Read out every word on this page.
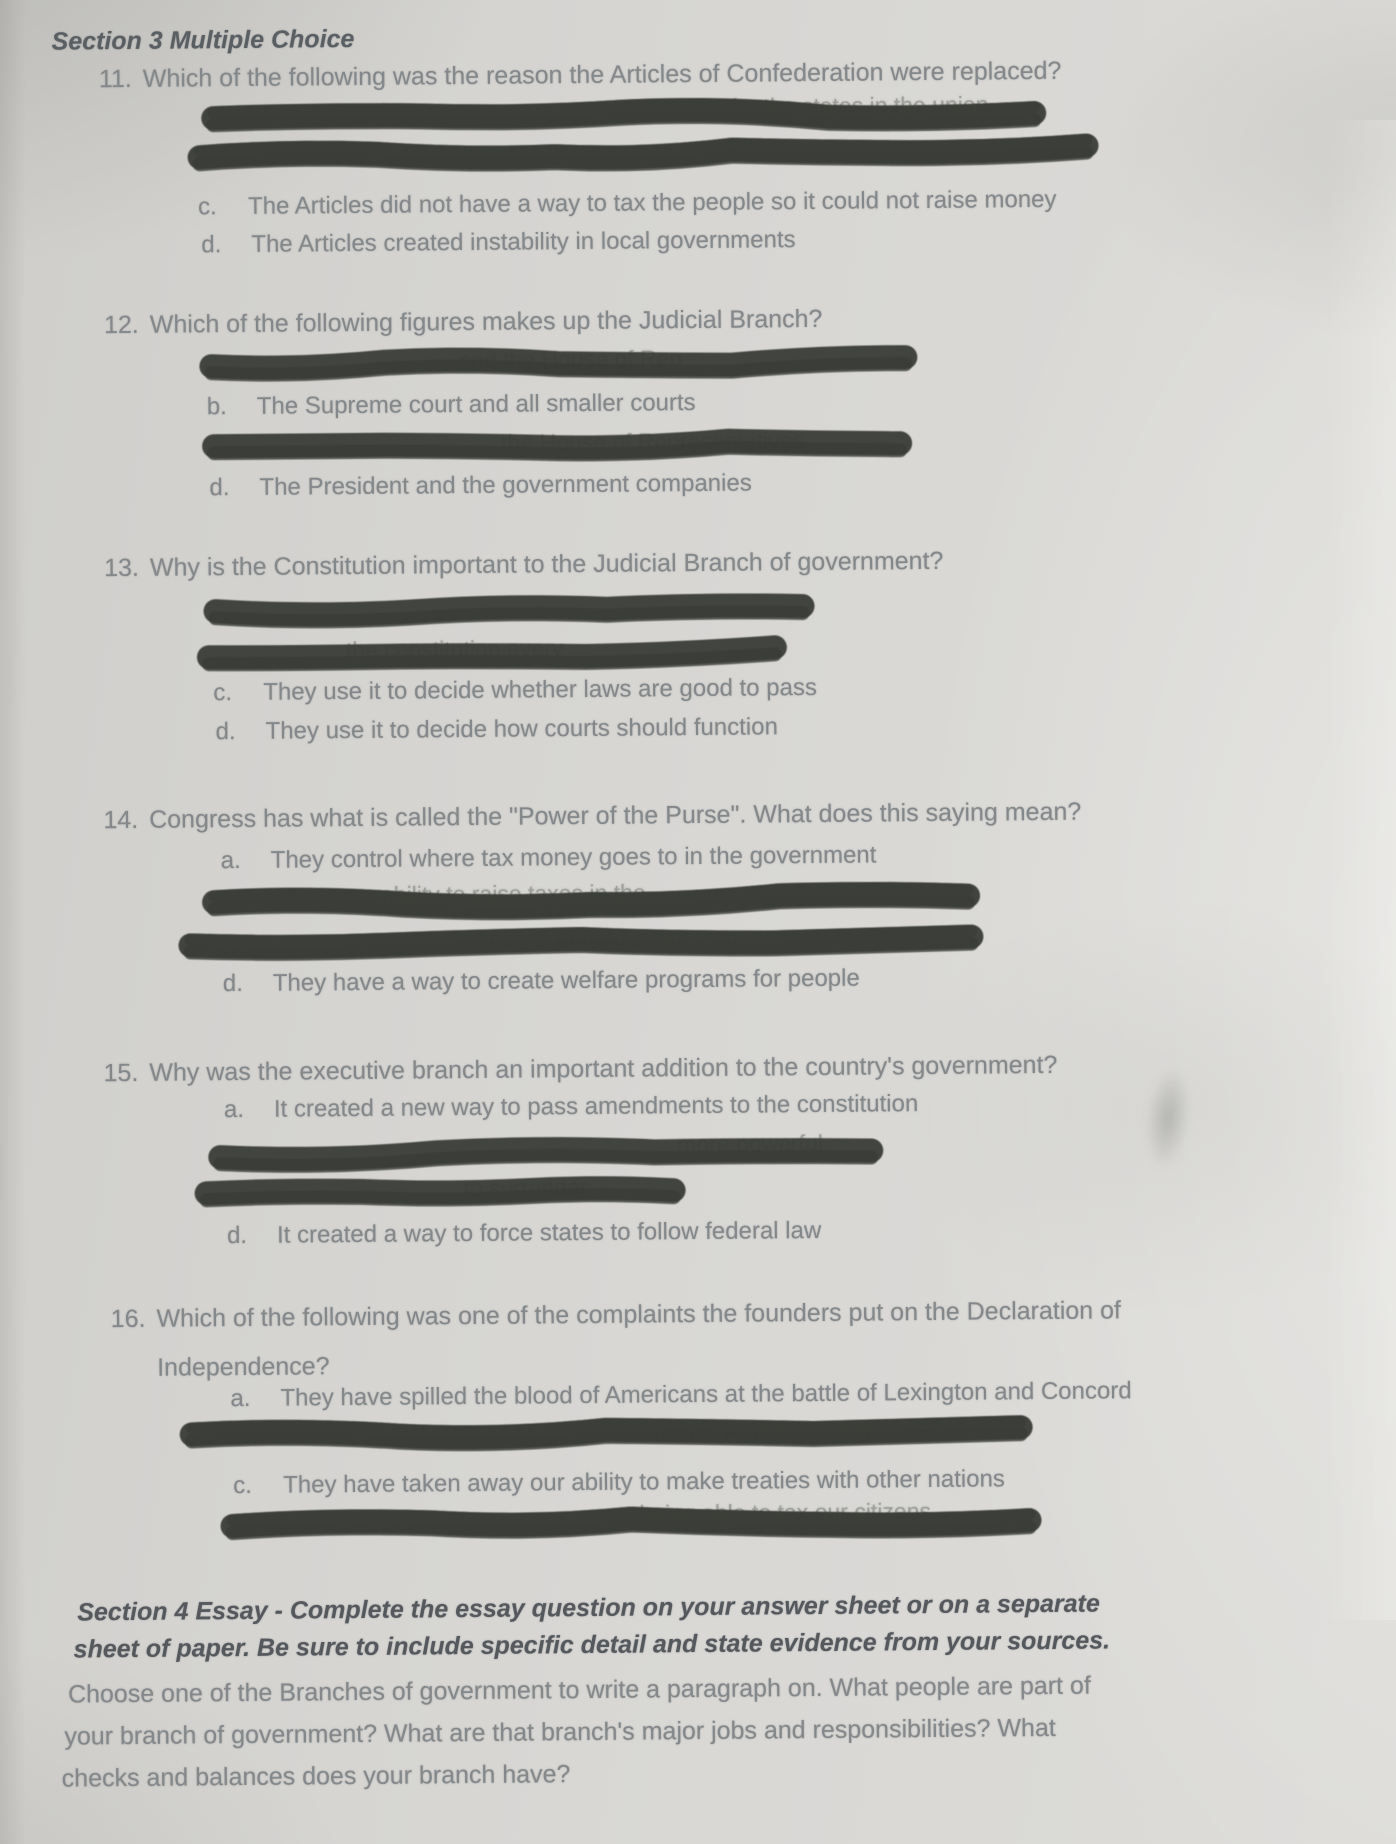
Section 3 Multiple Choice
11. Which of the following was the reason the Articles of Confederation were replaced?
for the states in the union
c.	The Articles did not have a way to tax the people so it could not raise money
d.	The Articles created instability in local governments
12. Which of the following figures makes up the Judicial Branch?
and the House of Rep
b.	The Supreme court and all smaller courts
the House of Representatives
d.	The President and the government companies
13. Why is the Constitution important to the Judicial Branch of government?
the constitution every
c.	They use it to decide whether laws are good to pass
d.	They use it to decide how courts should function
14. Congress has what is called the "Power of the Purse". What does this saying mean?
a.	They control where tax money goes to in the government
ability to raise taxes in the
money is printed every year
d.	They have a way to create welfare programs for people
15. Why was the executive branch an important addition to the country's government?
a.	It created a new way to pass amendments to the constitution
more powerful
to surrender
d.	It created a way to force states to follow federal law
16. Which of the following was one of the complaints the founders put on the Declaration of
Independence?
a.	They have spilled the blood of Americans at the battle of Lexington and Concord
Native American neighbors
c.	They have taken away our ability to make treaties with other nations
being able to tax our citizens
Section 4 Essay - Complete the essay question on your answer sheet or on a separate
sheet of paper. Be sure to include specific detail and state evidence from your sources.
Choose one of the Branches of government to write a paragraph on. What people are part of
your branch of government? What are that branch's major jobs and responsibilities? What
checks and balances does your branch have?
